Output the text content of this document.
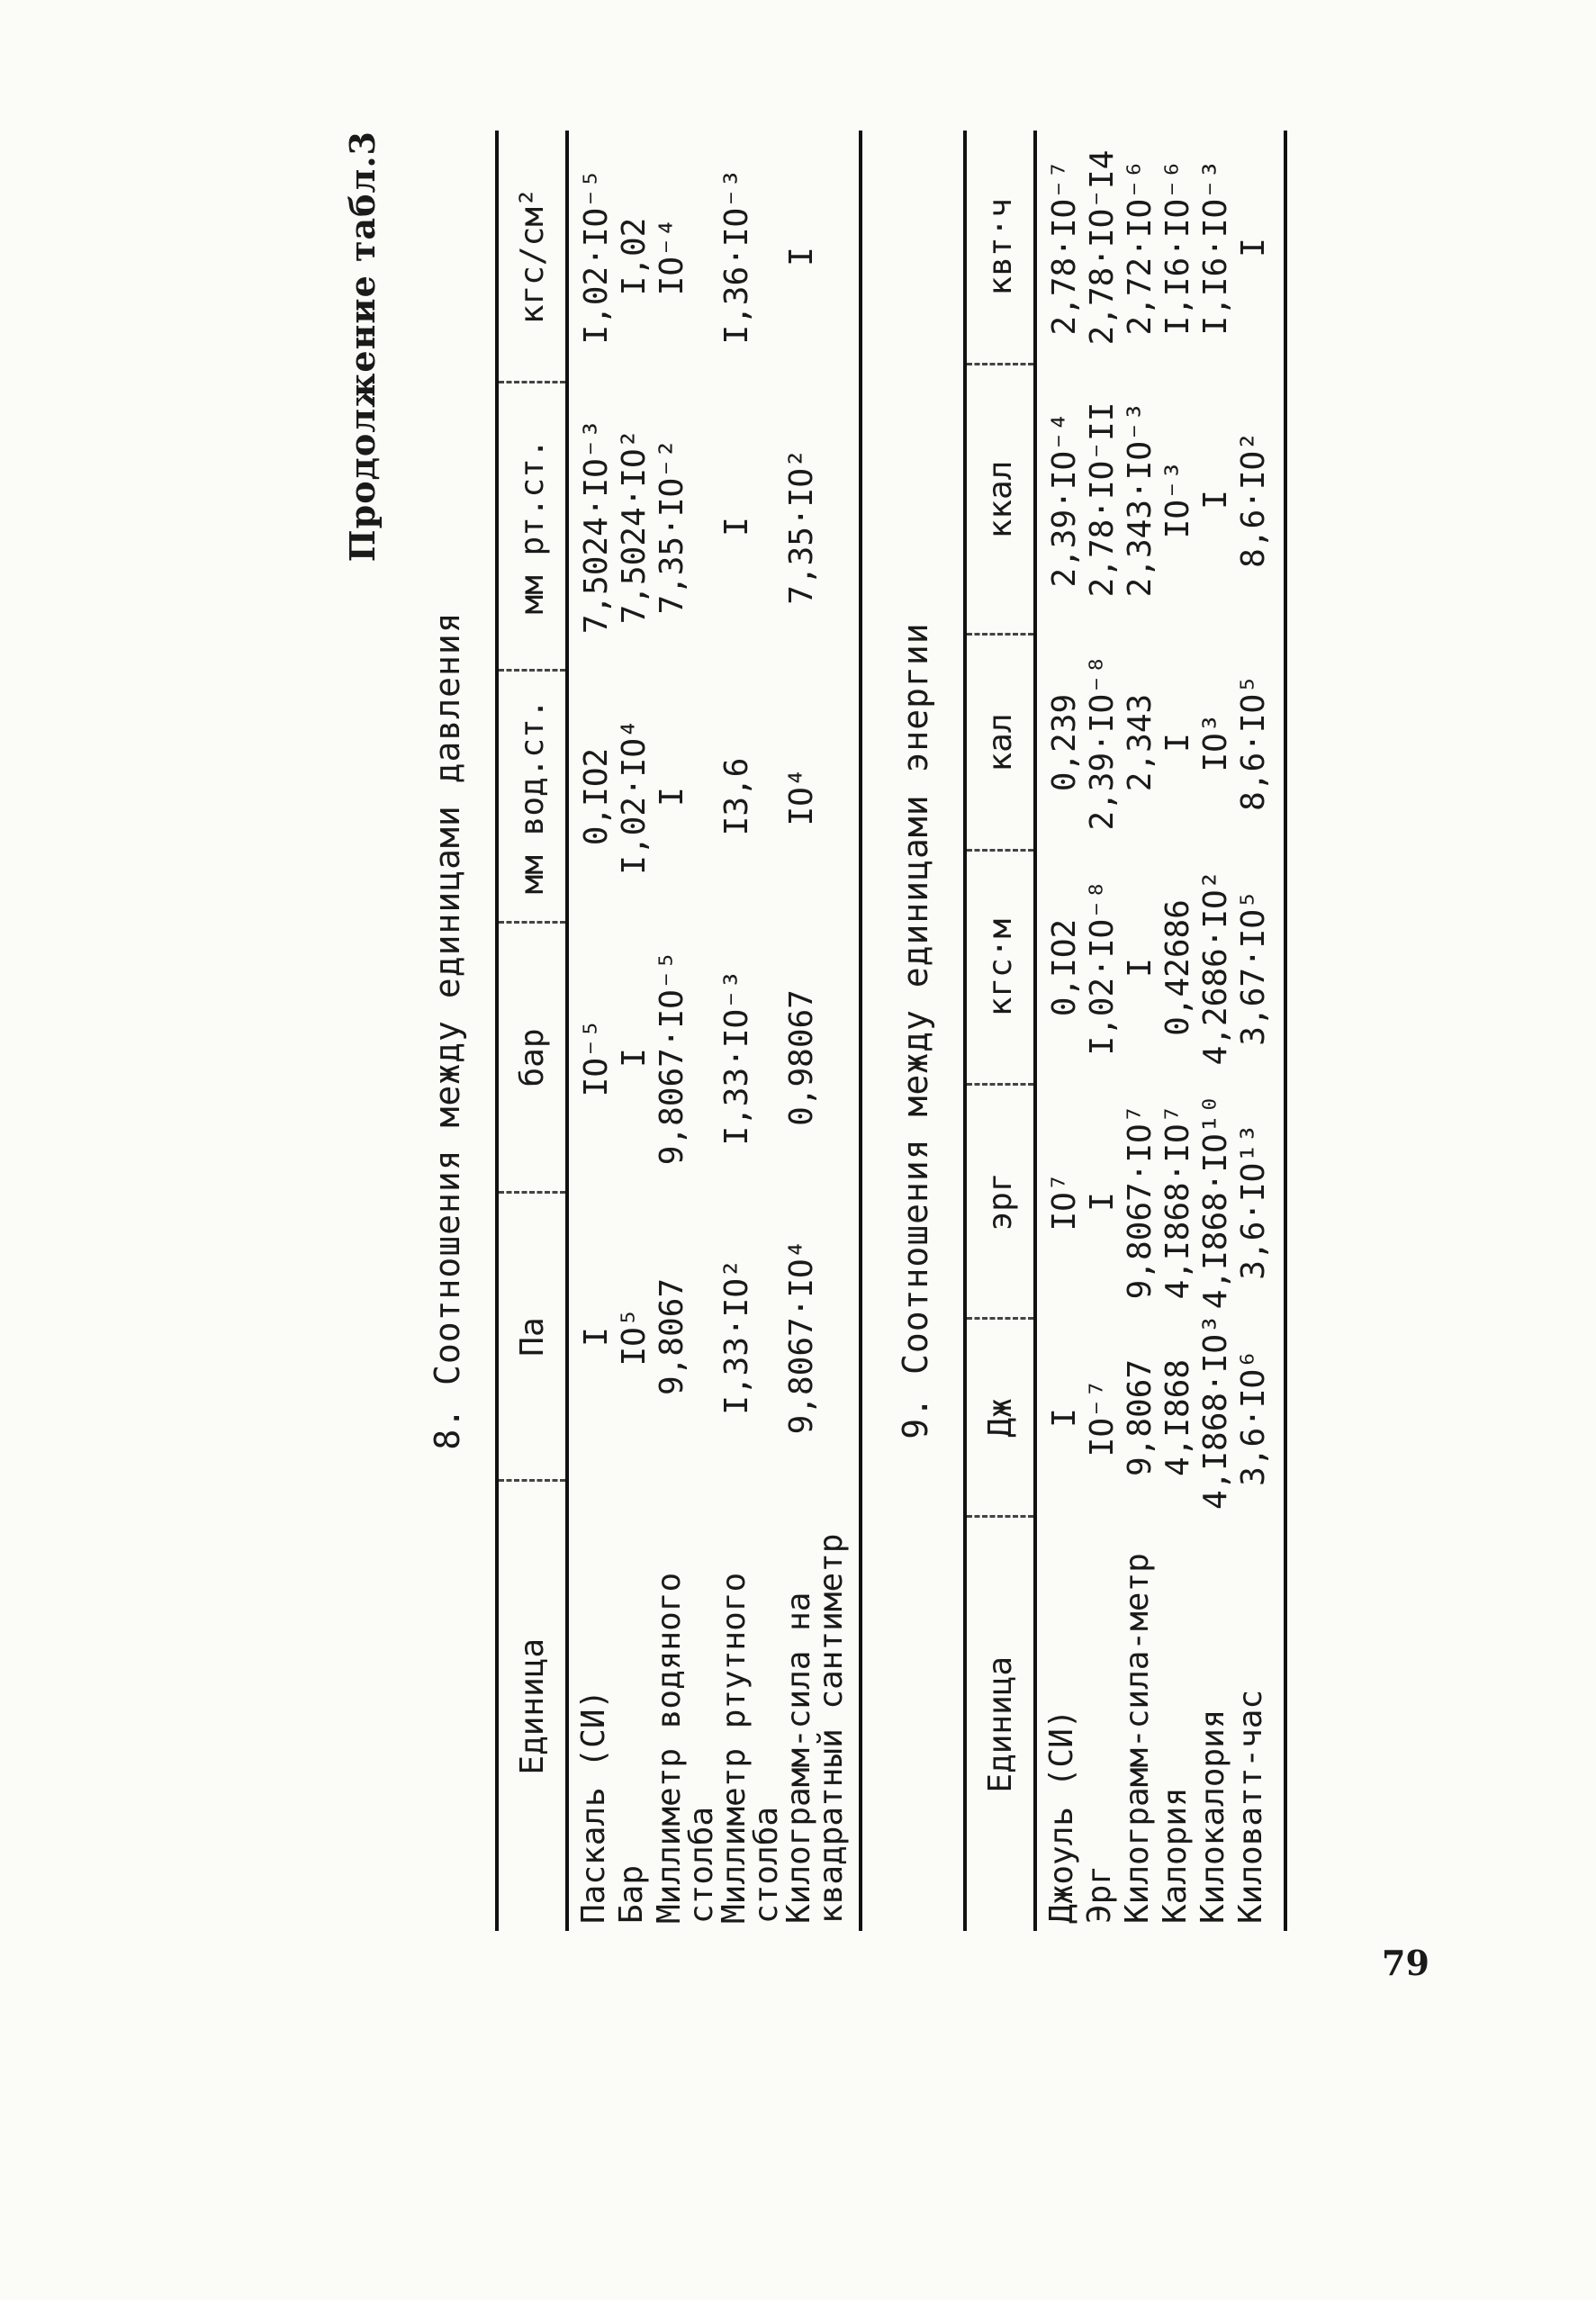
Продолжение табл.3
8. Соотношения между единицами давления
Единица	Па	бар	мм вод.ст.	мм рт.ст.	кгс/см²
Паскаль (СИ)	I	IO⁻⁵	0,IO2	7,5024·IO⁻³	I,02·IO⁻⁵
Бар	IO⁵	I	I,02·IO⁴	7,5024·IO²	I,02
Миллиметр водяного столба	9,8067	9,8067·IO⁻⁵	I	7,35·IO⁻²	IO⁻⁴
Миллиметр ртутного столба	I,33·IO²	I,33·IO⁻³	I3,6	I	I,36·IO⁻³
Килограмм-сила на квадратный сантиметр	9,8067·IO⁴	0,98067	IO⁴	7,35·IO²	I
9. Соотношения между единицами энергии
Единица	Дж	эрг	кгс·м	кал	ккал	квт·ч
Джоуль (СИ)	I	IO⁷	0,IO2	0,239	2,39·IO⁻⁴	2,78·IO⁻⁷
Эрг	IO⁻⁷	I	I,02·IO⁻⁸	2,39·IO⁻⁸	2,78·IO⁻II	2,78·IO⁻I4
Килограмм-сила-метр	9,8067	9,8067·IO⁷	I	2,343	2,343·IO⁻³	2,72·IO⁻⁶
Калория	4,I868	4,I868·IO⁷	0,42686	I	IO⁻³	I,I6·IO⁻⁶
Килокалория	4,I868·IO³	4,I868·IO¹⁰	4,2686·IO²	IO³	I	I,I6·IO⁻³
Киловатт-час	3,6·IO⁶	3,6·IO¹³	3,67·IO⁵	8,6·IO⁵	8,6·IO²	I
79
